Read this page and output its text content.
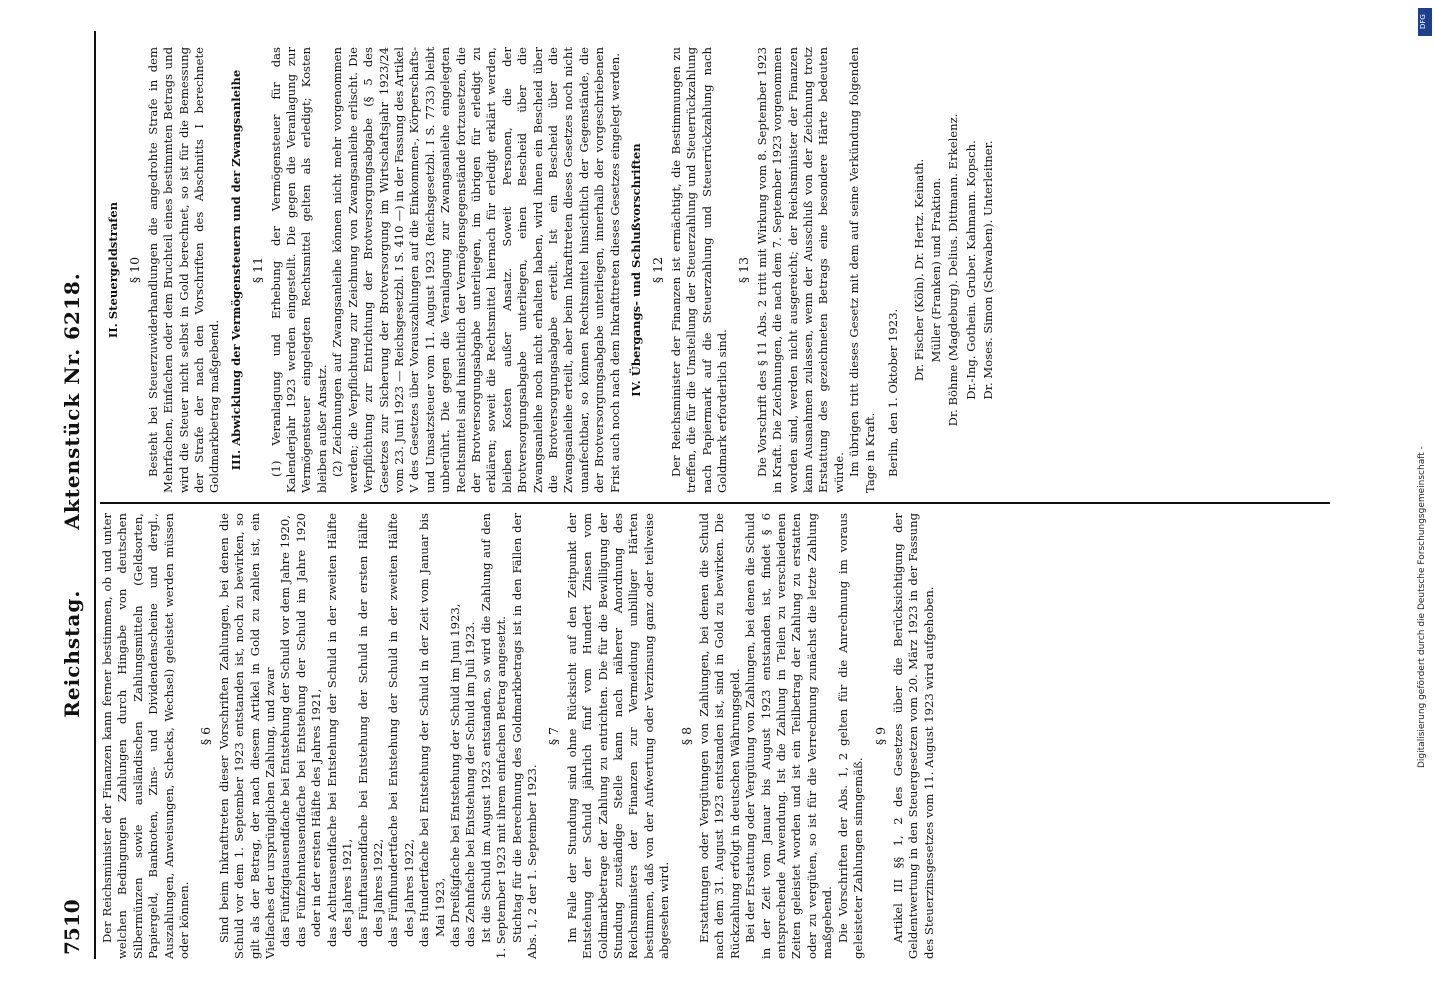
7510
Reichstag. Aktenstück Nr. 6218.

Der Reichsminister der Finanzen kann ferner bestimmen, ob und unter welchen Bedingungen Zahlungen durch Hingabe von deutschen Silbermünzen sowie ausländischen Zahlungsmitteln (Geldsorten, Papiergeld, Banknoten, Zins- und Dividendenscheine und dergl., Auszahlungen, Anweisungen, Schecks, Wechsel) geleistet werden müssen oder können.

§ 6 Sind beim Inkrafttreten dieser Vorschriften Zahlungen, bei denen die Schuld vor dem 1. September 1923 entstanden ist, noch zu bewirken, so gilt als der Betrag, der nach diesem Artikel in Gold zu zahlen ist, ein Vielfaches der ursprünglichen Zahlung, und zwar das Fünfzigtausendfache bei Entstehung der Schuld vor dem Jahre 1920, das Fünfzehntausendfache bei Entstehung der Schuld im Jahre 1920 oder in der ersten Hälfte des Jahres 1921, das Achttausendfache bei Entstehung der Schuld in der zweiten Hälfte des Jahres 1921, das Fünftausendfache bei Entstehung der Schuld in der ersten Hälfte des Jahres 1922, das Fünfhundertfache bei Entstehung der Schuld in der zweiten Hälfte des Jahres 1922, das Hundertfache bei Entstehung der Schuld in der Zeit vom Januar bis Mai 1923, das Dreißigfache bei Entstehung der Schuld im Juni 1923, das Zehnfache bei Entstehung der Schuld im Juli 1923. Ist die Schuld im August 1923 entstanden, so wird die Zahlung auf den 1. September 1923 mit ihrem einfachen Betrag angesetzt. Stichtag für die Berechnung des Goldmarkbetrags ist in den Fällen der Abs. 1, 2 der 1. September 1923.

§ 7 Im Falle der Stundung sind ohne Rücksicht auf den Zeitpunkt der Entstehung der Schuld jährlich fünf vom Hundert Zinsen vom Goldmarkbetrage der Zahlung zu entrichten. Die für die Bewilligung der Stundung zuständige Stelle kann nach näherer Anordnung des Reichsministers der Finanzen zur Vermeidung unbilliger Härten bestimmen, daß von der Aufwertung oder Verzinsung ganz oder teilweise abgesehen wird.

§ 8 Erstattungen oder Vergütungen von Zahlungen, bei denen die Schuld nach dem 31. August 1923 entstanden ist, sind in Gold zu bewirken. Die Rückzahlung erfolgt in deutschen Währungsgeld. Bei der Erstattung oder Vergütung von Zahlungen, bei denen die Schuld in der Zeit vom Januar bis August 1923 entstanden ist, findet § 6 entsprechende Anwendung. Ist die Zahlung in Teilen zu verschiedenen Zeiten geleistet worden und ist ein Teilbetrag der Zahlung zu erstatten oder zu vergüten, so ist für die Verrechnung zunächst die letzte Zahlung maßgebend. Die Vorschriften der Abs. 1, 2 gelten für die Anrechnung im voraus geleisteter Zahlungen sinngemäß.

§ 9 Artikel III §§ 1, 2 des Gesetzes über die Berücksichtigung der Geldentwertung in den Steuergesetzen vom 20. März 1923 in der Fassung des Steuerzinsgesetzes vom 11. August 1923 wird aufgehoben.

II. Steuergeldstrafen § 10 Besteht bei Steuerzuwiderhandlungen die angedrohte Strafe in dem Mehrfachen, Einfachen oder dem Bruchteil eines bestimmten Betrags und wird die Steuer nicht selbst in Gold berechnet, so ist für die Bemessung der Strafe der nach den Vorschriften des Abschnitts I berechnete Goldmarkbetrag maßgebend. III. Abwicklung der Vermögensteuern und der Zwangsanleihe § 11 (1) Veranlagung und Erhebung der Vermögensteuer für das Kalenderjahr 1923 werden eingestellt. Die gegen die Veranlagung zur Vermögensteuer eingelegten Rechtsmittel gelten als erledigt; Kosten bleiben außer Ansatz. (2) Zeichnungen auf Zwangsanleihe können nicht mehr vorgenommen werden; die Verpflichtung zur Zeichnung von Zwangsanleihe erlischt. Die Verpflichtung zur Entrichtung der Brotversorgungsabgabe (§ 5 des Gesetzes zur Sicherung der Brotversorgung im Wirtschaftsjahr 1923/24 vom 23. Juni 1923 — Reichsgesetzbl. I S. 410 —) in der Fassung des Artikel V des Gesetzes über Vorauszahlungen auf die Einkommen-, Körperschafts- und Umsatzsteuer vom 11. August 1923 (Reichsgesetzbl. I S. 7733) bleibt unberührt. Die gegen die Veranlagung zur Zwangsanleihe eingelegten Rechtsmittel sind hinsichtlich der Vermögensgegenstände fortzusetzen, die der Brotversorgungsabgabe unterliegen, im übrigen für erledigt zu erklären; soweit die Rechtsmittel hiernach für erledigt erklärt werden, bleiben Kosten außer Ansatz. Soweit Personen, die der Brotversorgungsabgabe unterliegen, einen Bescheid über die Zwangsanleihe noch nicht erhalten haben, wird ihnen ein Bescheid über die Brotversorgungsabgabe erteilt. Ist ein Bescheid über die Zwangsanleihe erteilt, aber beim Inkrafttreten dieses Gesetzes noch nicht unanfechtbar, so können Rechtsmittel hinsichtlich der Gegenstände, die der Brotversorgungsabgabe unterliegen, innerhalb der vorgeschriebenen Frist auch noch nach dem Inkrafttreten dieses Gesetzes eingelegt werden. IV. Übergangs- und Schlußvorschriften § 12 Der Reichsminister der Finanzen ist ermächtigt, die Bestimmungen zu treffen, die für die Umstellung der Steuerzahlung und Steuerrückzahlung nach Papiermark auf die Steuerzahlung und Steuerrückzahlung nach Goldmark erforderlich sind.

§ 13 Die Vorschrift des § 11 Abs. 2 tritt mit Wirkung vom 8. September 1923 in Kraft. Die Zeichnungen, die nach dem 7. September 1923 vorgenommen worden sind, werden nicht ausgereicht; der Reichsminister der Finanzen kann Ausnahmen zulassen, wenn der Ausschluß von der Zeichnung trotz Erstattung des gezeichneten Betrags eine besondere Härte bedeuten würde. Im übrigen tritt dieses Gesetz mit dem auf seine Verkündung folgenden Tage in Kraft. Berlin, den 1. Oktober 1923.

Dr. Fischer (Köln). Dr. Hertz. Keinath. Müller (Franken) und Fraktion. Dr. Böhme (Magdeburg). Delius. Dittmann. Erkelenz. Dr.-Ing. Gothein. Gruber. Kahmann. Kopsch. Dr. Moses. Simon (Schwaben). Unterleitner.

DFG
Digitalisierung gefördert durch die Deutsche Forschungsgemeinschaft -
